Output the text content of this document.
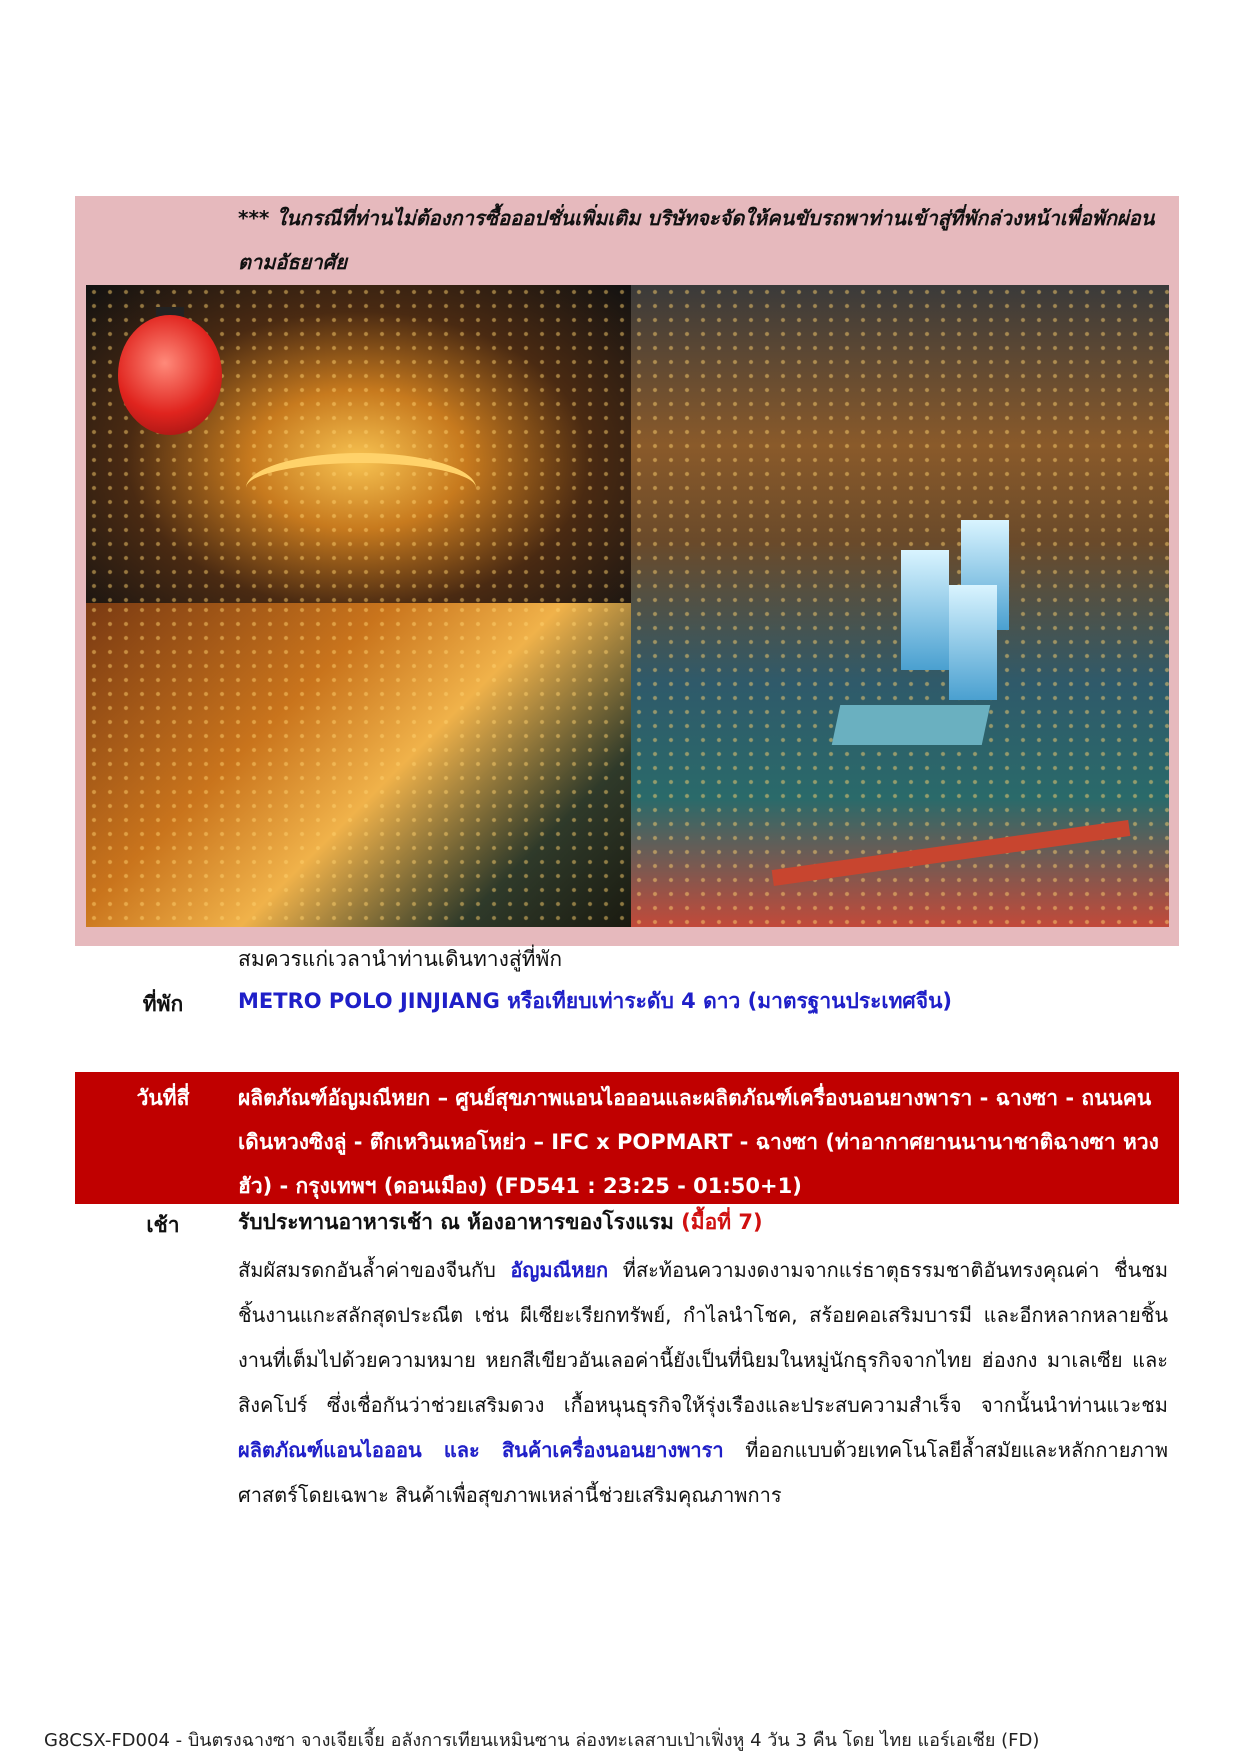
*** ในกรณีที่ท่านไม่ต้องการซื้อออปชั่นเพิ่มเติม บริษัทจะจัดให้คนขับรถพาท่านเข้าสู่ที่พักล่วงหน้าเพื่อพักผ่อนตามอัธยาศัย
สมควรแก่เวลานำท่านเดินทางสู่ที่พัก
ที่พัก	METRO POLO JINJIANG หรือเทียบเท่าระดับ 4 ดาว (มาตรฐานประเทศจีน)
วันที่สี่	ผลิตภัณฑ์อัญมณีหยก – ศูนย์สุขภาพแอนไอออนและผลิตภัณฑ์เครื่องนอนยางพารา - ฉางซา - ถนนคนเดินหวงซิงลู่ - ตึกเหวินเหอโหย่ว – IFC x POPMART - ฉางซา (ท่าอากาศยานนานาชาติฉางซา หวงฮัว) - กรุงเทพฯ (ดอนเมือง) (FD541 : 23:25 - 01:50+1)
เช้า	รับประทานอาหารเช้า ณ ห้องอาหารของโรงแรม (มื้อที่ 7)
สัมผัสมรดกอันล้ำค่าของจีนกับ อัญมณีหยก ที่สะท้อนความงดงามจากแร่ธาตุธรรมชาติอันทรงคุณค่า ชื่นชมชิ้นงานแกะสลักสุดประณีต เช่น ผีเซียะเรียกทรัพย์, กำไลนำโชค, สร้อยคอเสริมบารมี และอีกหลากหลายชิ้นงานที่เต็มไปด้วยความหมาย หยกสีเขียวอันเลอค่านี้ยังเป็นที่นิยมในหมู่นักธุรกิจจากไทย ฮ่องกง มาเลเซีย และสิงคโปร์ ซึ่งเชื่อกันว่าช่วยเสริมดวง เกื้อหนุนธุรกิจให้รุ่งเรืองและประสบความสำเร็จ จากนั้นนำท่านแวะชม ผลิตภัณฑ์แอนไอออน และ สินค้าเครื่องนอนยางพารา ที่ออกแบบด้วยเทคโนโลยีล้ำสมัยและหลักกายภาพศาสตร์โดยเฉพาะ สินค้าเพื่อสุขภาพเหล่านี้ช่วยเสริมคุณภาพการ
G8CSX-FD004 - บินตรงฉางซา จางเจียเจี้ย อลังการเทียนเหมินซาน ล่องทะเลสาบเป่าเฟิ่งหู 4 วัน 3 คืน โดย ไทย แอร์เอเชีย (FD)
